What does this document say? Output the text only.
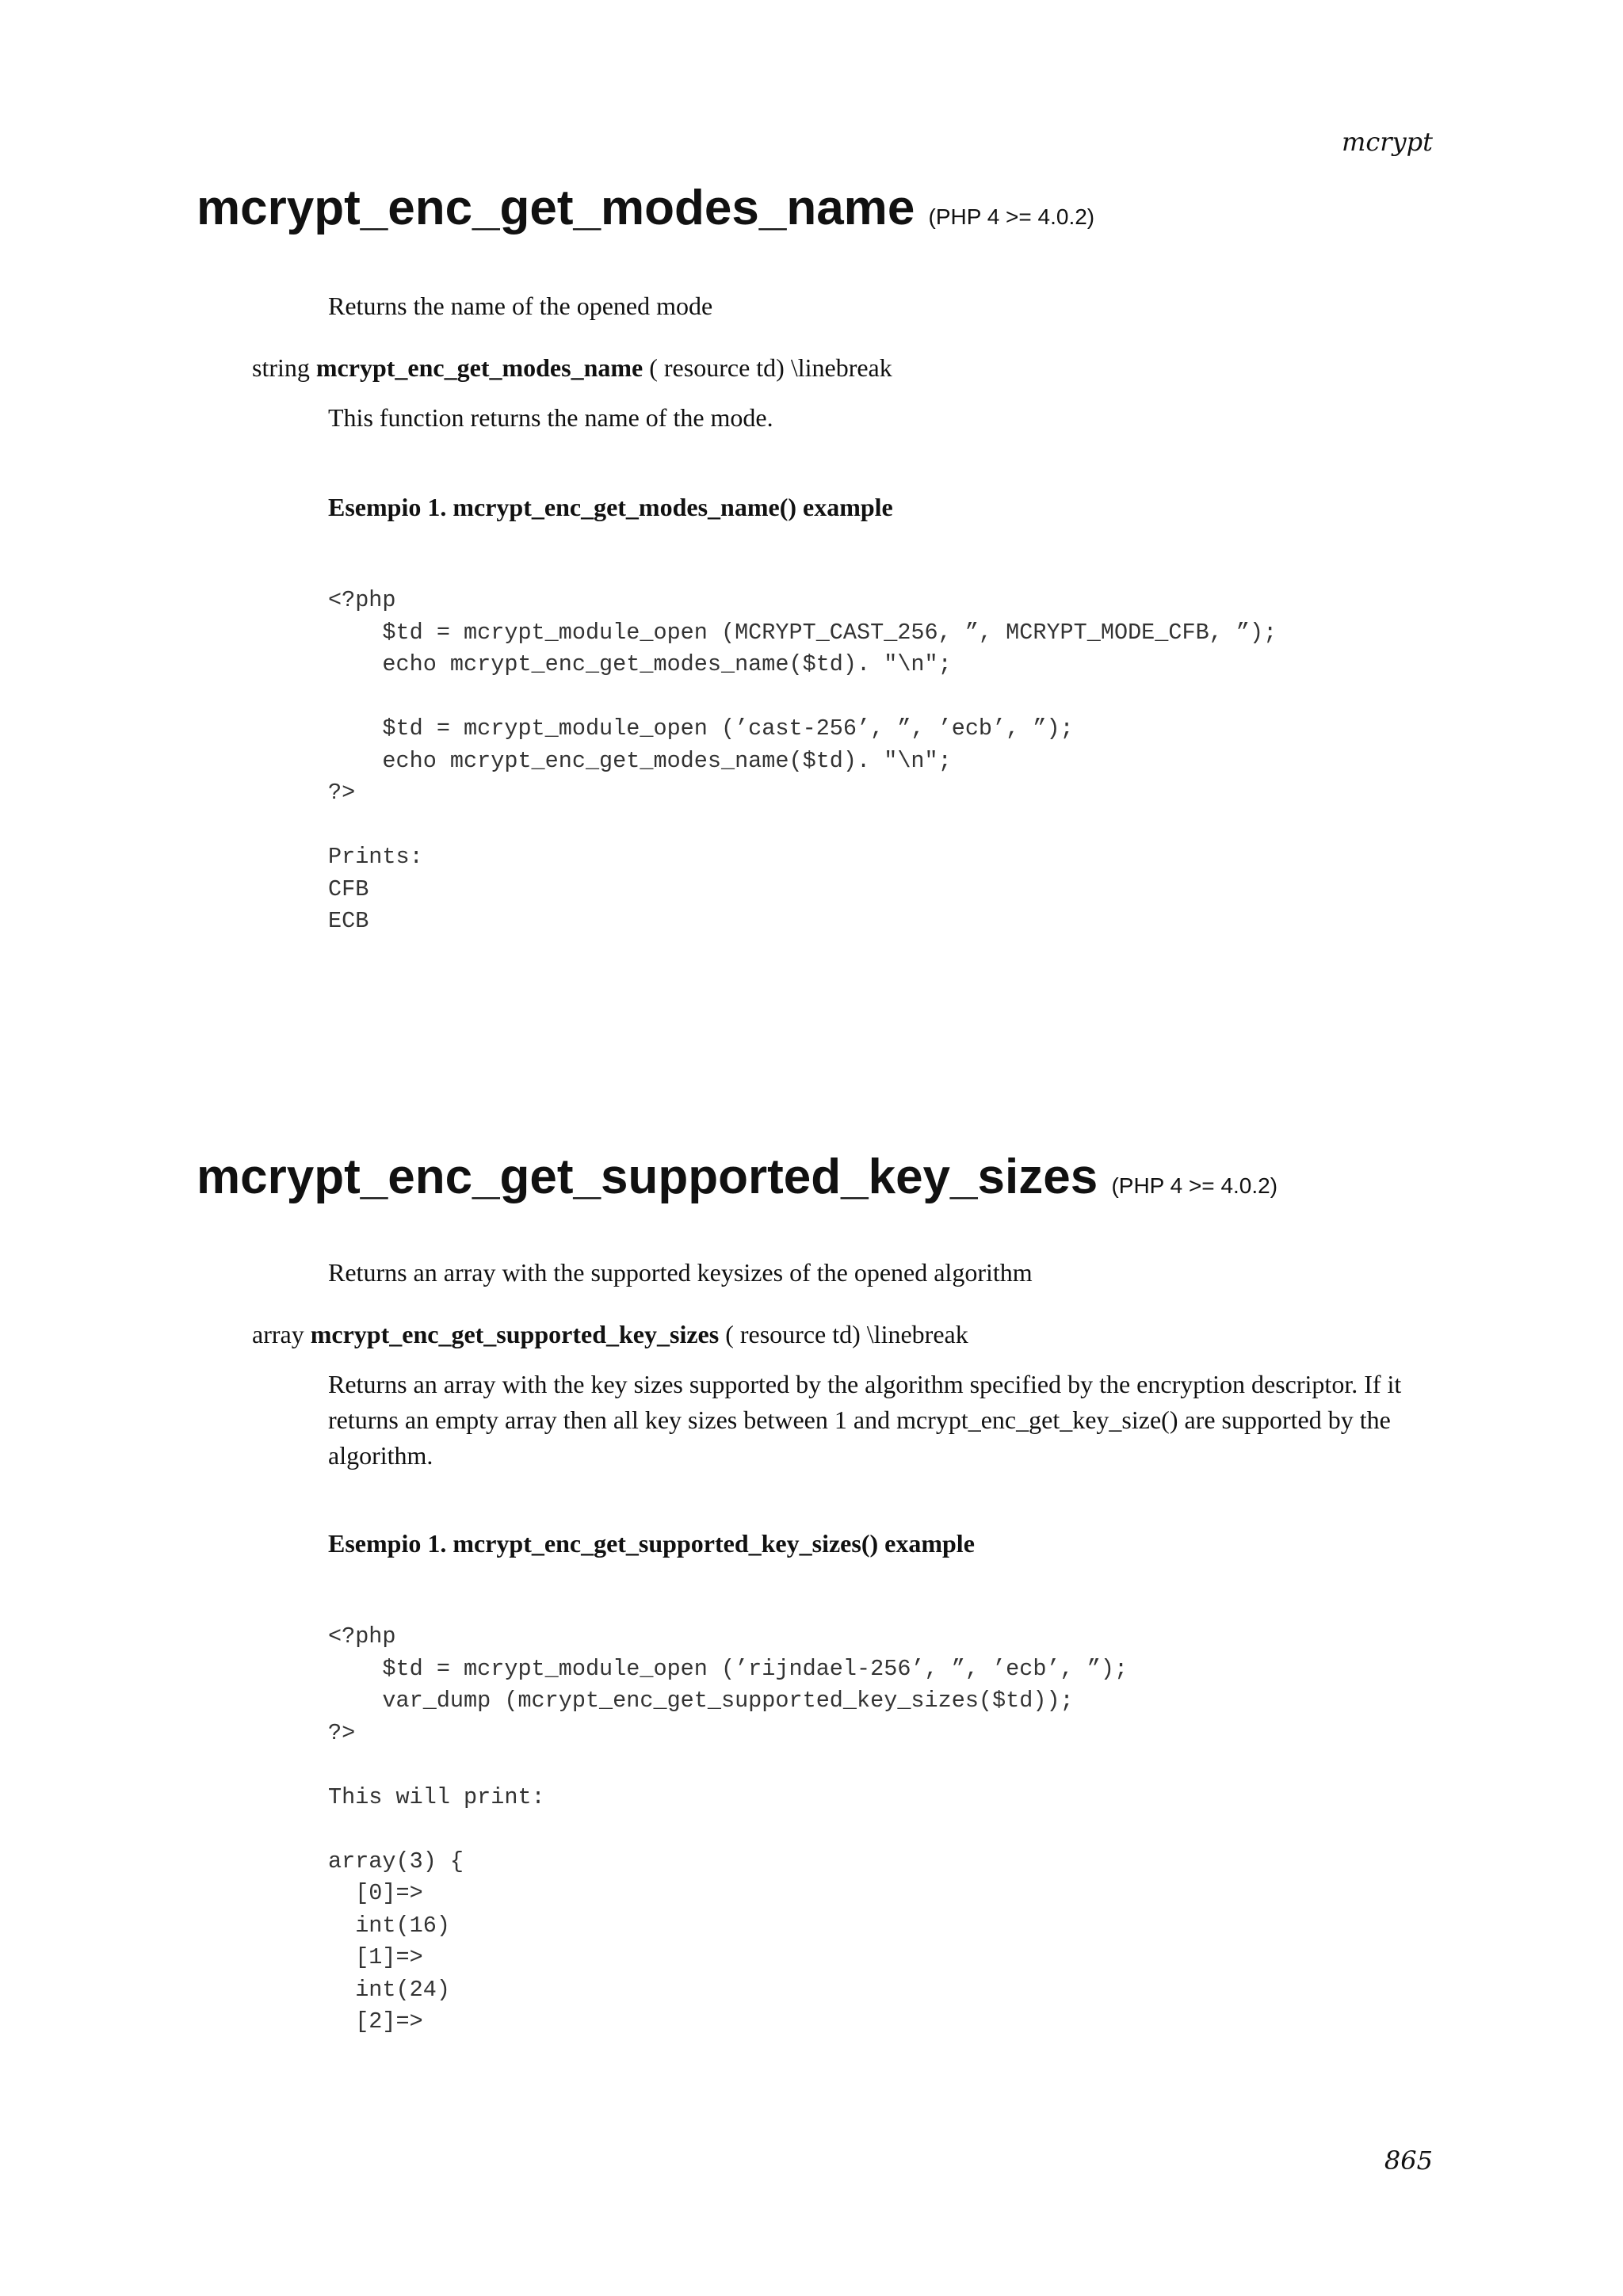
mcrypt
mcrypt_enc_get_modes_name (PHP 4 >= 4.0.2)
Returns the name of the opened mode
string mcrypt_enc_get_modes_name ( resource td) \linebreak
This function returns the name of the mode.
Esempio 1. mcrypt_enc_get_modes_name() example
<?php
$td = mcrypt_module_open (MCRYPT_CAST_256, ”, MCRYPT_MODE_CFB, ”);
echo mcrypt_enc_get_modes_name($td). "\n";

$td = mcrypt_module_open (’cast-256’, ”, ’ecb’, ”);
echo mcrypt_enc_get_modes_name($td). "\n";
?>

Prints:
CFB
ECB
mcrypt_enc_get_supported_key_sizes (PHP 4 >= 4.0.2)
Returns an array with the supported keysizes of the opened algorithm
array mcrypt_enc_get_supported_key_sizes ( resource td) \linebreak
Returns an array with the key sizes supported by the algorithm specified by the encryption descriptor. If it returns an empty array then all key sizes between 1 and mcrypt_enc_get_key_size() are supported by the algorithm.
Esempio 1. mcrypt_enc_get_supported_key_sizes() example
<?php
$td = mcrypt_module_open (’rijndael-256’, ”, ’ecb’, ”);
var_dump (mcrypt_enc_get_supported_key_sizes($td));
?>

This will print:

array(3) {
[0]=>
int(16)
[1]=>
int(24)
[2]=>
865
